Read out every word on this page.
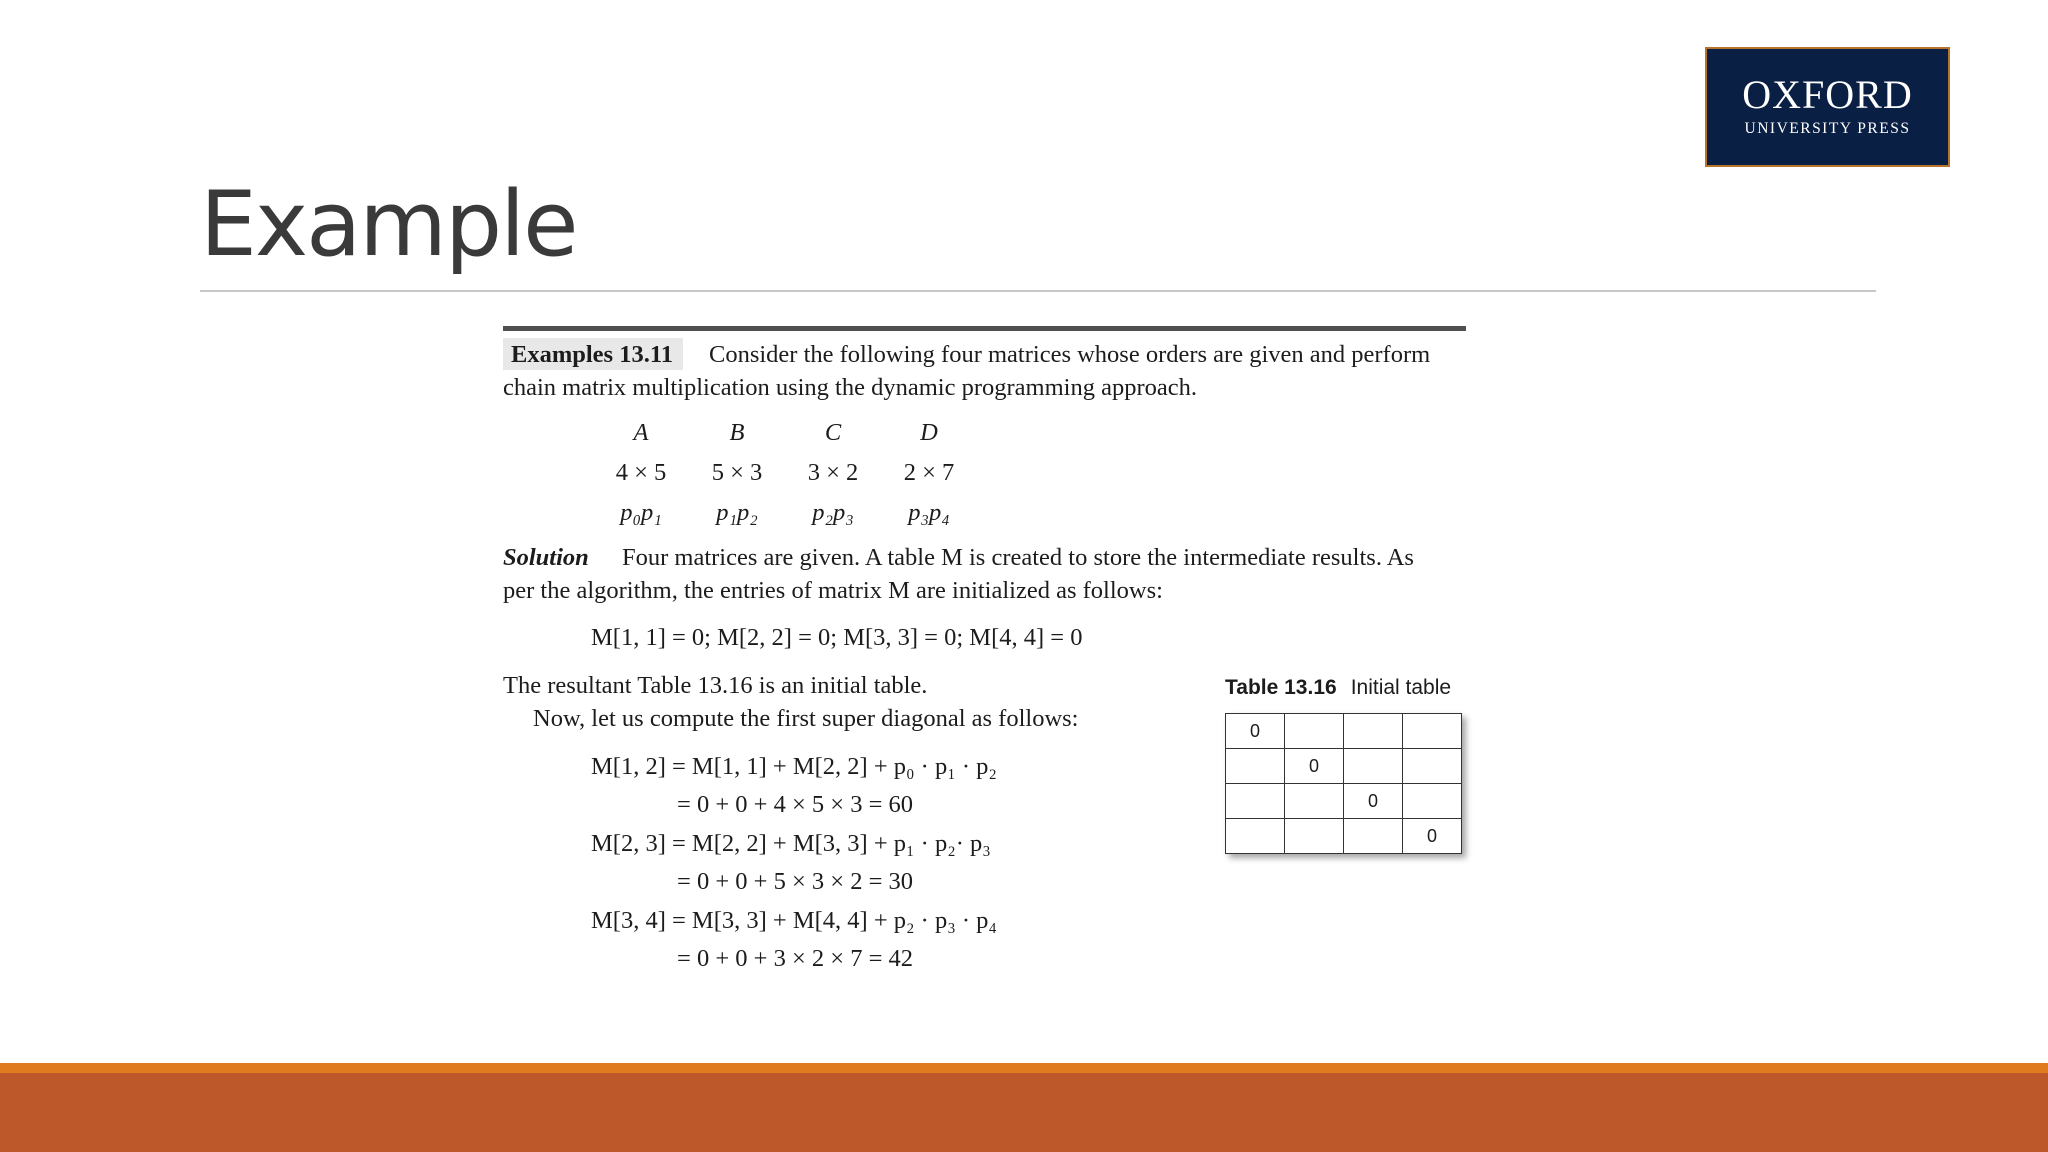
OXFORD
UNIVERSITY PRESS
Example
Examples 13.11 Consider the following four matrices whose orders are given and perform
chain matrix multiplication using the dynamic programming approach.
A	B	C	D
4 × 5	5 × 3	3 × 2	2 × 7
p₀p₁	p₁p₂	p₂p₃	p₃p₄
Solution Four matrices are given. A table M is created to store the intermediate results. As
per the algorithm, the entries of matrix M are initialized as follows:
M[1, 1] = 0; M[2, 2] = 0; M[3, 3] = 0; M[4, 4] = 0
The resultant Table 13.16 is an initial table.
Now, let us compute the first super diagonal as follows:
M[1, 2] = M[1, 1] + M[2, 2] + p₀ · p₁ · p₂
= 0 + 0 + 4 × 5 × 3 = 60
M[2, 3] = M[2, 2] + M[3, 3] + p₁ · p₂· p₃
= 0 + 0 + 5 × 3 × 2 = 30
M[3, 4] = M[3, 3] + M[4, 4] + p₂ · p₃ · p₄
= 0 + 0 + 3 × 2 × 7 = 42
Table 13.16 Initial table
0			
	0		
		0	
			0
